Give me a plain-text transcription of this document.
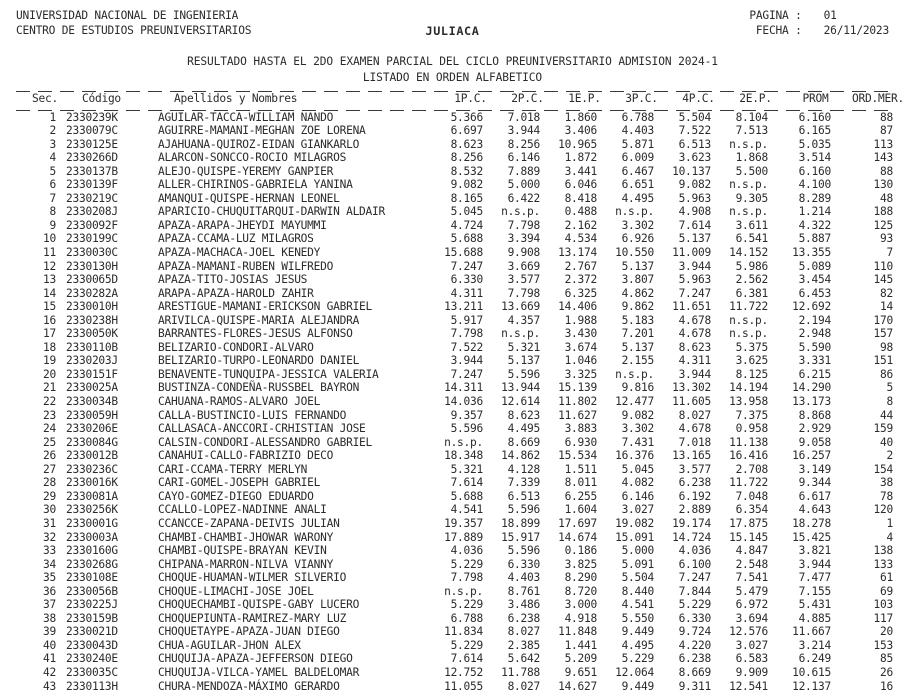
UNIVERSIDAD NACIONAL DE INGENIERIA
CENTRO DE ESTUDIOS PREUNIVERSITARIOS
PAGINA :	01
FECHA :	26/11/2023
JULIACA
RESULTADO HASTA EL 2DO EXAMEN PARCIAL DEL CICLO PREUNIVERSITARIO ADMISION 2024-1
LISTADO EN ORDEN ALFABETICO
Sec.	Código	Apellidos y Nombres	1P.C.	2P.C.	1E.P.	3P.C.	4P.C.	2E.P.	PROM	ORD.MER.
1	2330239K	AGUILAR-TACCA-WILLIAM NANDO	5.366	7.018	1.860	6.788	5.504	8.104	6.160	88
2	2330079C	AGUIRRE-MAMANI-MEGHAN ZOE LORENA	6.697	3.944	3.406	4.403	7.522	7.513	6.165	87
3	2330125E	AJAHUANA-QUIROZ-EIDAN GIANKARLO	8.623	8.256	10.965	5.871	6.513	n.s.p.	5.035	113
4	2330266D	ALARCON-SONCCO-ROCIO MILAGROS	8.256	6.146	1.872	6.009	3.623	1.868	3.514	143
5	2330137B	ALEJO-QUISPE-YEREMY GANPIER	8.532	7.889	3.441	6.467	10.137	5.500	6.160	88
6	2330139F	ALLER-CHIRINOS-GABRIELA YANINA	9.082	5.000	6.046	6.651	9.082	n.s.p.	4.100	130
7	2330219C	AMANQUI-QUISPE-HERNAN LEONEL	8.165	6.422	8.418	4.495	5.963	9.305	8.289	48
8	2330208J	APARICIO-CHUQUITARQUI-DARWIN ALDAIR	5.045	n.s.p.	0.488	n.s.p.	4.908	n.s.p.	1.214	188
9	2330092F	APAZA-ARAPA-JHEYDI MAYUMMI	4.724	7.798	2.162	3.302	7.614	3.611	4.322	125
10	2330199C	APAZA-CCAMA-LUZ MILAGROS	5.688	3.394	4.534	6.926	5.137	6.541	5.887	93
11	2330030C	APAZA-MACHACA-JOEL KENEDY	15.688	9.908	13.174	10.550	11.009	14.152	13.355	7
12	2330130H	APAZA-MAMANI-RUBEN WILFREDO	7.247	3.669	2.767	5.137	3.944	5.986	5.089	110
13	2330065D	APAZA-TITO-JOSIAS JESUS	6.330	3.577	2.372	3.807	5.963	2.562	3.454	145
14	2330282A	ARAPA-APAZA-HAROLD ZAHIR	4.311	7.798	6.325	4.862	7.247	6.381	6.453	82
15	2330010H	ARESTIGUE-MAMANI-ERICKSON GABRIEL	13.211	13.669	14.406	9.862	11.651	11.722	12.692	14
16	2330238H	ARIVILCA-QUISPE-MARIA ALEJANDRA	5.917	4.357	1.988	5.183	4.678	n.s.p.	2.194	170
17	2330050K	BARRANTES-FLORES-JESUS ALFONSO	7.798	n.s.p.	3.430	7.201	4.678	n.s.p.	2.948	157
18	2330110B	BELIZARIO-CONDORI-ALVARO	7.522	5.321	3.674	5.137	8.623	5.375	5.590	98
19	2330203J	BELIZARIO-TURPO-LEONARDO DANIEL	3.944	5.137	1.046	2.155	4.311	3.625	3.331	151
20	2330151F	BENAVENTE-TUNQUIPA-JESSICA VALERIA	7.247	5.596	3.325	n.s.p.	3.944	8.125	6.215	86
21	2330025A	BUSTINZA-CONDEÑA-RUSSBEL BAYRON	14.311	13.944	15.139	9.816	13.302	14.194	14.290	5
22	2330034B	CAHUANA-RAMOS-ALVARO JOEL	14.036	12.614	11.802	12.477	11.605	13.958	13.173	8
23	2330059H	CALLA-BUSTINCIO-LUIS FERNANDO	9.357	8.623	11.627	9.082	8.027	7.375	8.868	44
24	2330206E	CALLASACA-ANCCORI-CRHISTIAN JOSE	5.596	4.495	3.883	3.302	4.678	0.958	2.929	159
25	2330084G	CALSIN-CONDORI-ALESSANDRO GABRIEL	n.s.p.	8.669	6.930	7.431	7.018	11.138	9.058	40
26	2330012B	CANAHUI-CALLO-FABRIZIO DECO	18.348	14.862	15.534	16.376	13.165	16.416	16.257	2
27	2330236C	CARI-CCAMA-TERRY MERLYN	5.321	4.128	1.511	5.045	3.577	2.708	3.149	154
28	2330016K	CARI-GOMEL-JOSEPH GABRIEL	7.614	7.339	8.011	4.082	6.238	11.722	9.344	38
29	2330081A	CAYO-GOMEZ-DIEGO EDUARDO	5.688	6.513	6.255	6.146	6.192	7.048	6.617	78
30	2330256K	CCALLO-LOPEZ-NADINNE ANALI	4.541	5.596	1.604	3.027	2.889	6.354	4.643	120
31	2330001G	CCANCCE-ZAPANA-DEIVIS JULIAN	19.357	18.899	17.697	19.082	19.174	17.875	18.278	1
32	2330003A	CHAMBI-CHAMBI-JHOWAR WARONY	17.889	15.917	14.674	15.091	14.724	15.145	15.425	4
33	2330160G	CHAMBI-QUISPE-BRAYAN KEVIN	4.036	5.596	0.186	5.000	4.036	4.847	3.821	138
34	2330268G	CHIPANA-MARRON-NILVA VIANNY	5.229	6.330	3.825	5.091	6.100	2.548	3.944	133
35	2330108E	CHOQUE-HUAMAN-WILMER SILVERIO	7.798	4.403	8.290	5.504	7.247	7.541	7.477	61
36	2330056B	CHOQUE-LIMACHI-JOSE JOEL	n.s.p.	8.761	8.720	8.440	7.844	5.479	7.155	69
37	2330225J	CHOQUECHAMBI-QUISPE-GABY LUCERO	5.229	3.486	3.000	4.541	5.229	6.972	5.431	103
38	2330159B	CHOQUEPIUNTA-RAMIREZ-MARY LUZ	6.788	6.238	4.918	5.550	6.330	3.694	4.885	117
39	2330021D	CHOQUETAYPE-APAZA-JUAN DIEGO	11.834	8.027	11.848	9.449	9.724	12.576	11.667	20
40	2330043D	CHUA-AGUILAR-JHON ALEX	5.229	2.385	1.441	4.495	4.220	3.027	3.214	153
41	2330240E	CHUQUIJA-APAZA-JEFFERSON DIEGO	7.614	5.642	5.209	5.229	6.238	6.583	6.249	85
42	2330035C	CHUQUIJA-VILCA-YAMEL BALDELOMAR	12.752	11.788	9.651	12.064	8.669	9.909	10.615	26
43	2330113H	CHURA-MENDOZA-MÁXIMO GERARDO	11.055	8.027	14.627	9.449	9.311	12.541	12.137	16
